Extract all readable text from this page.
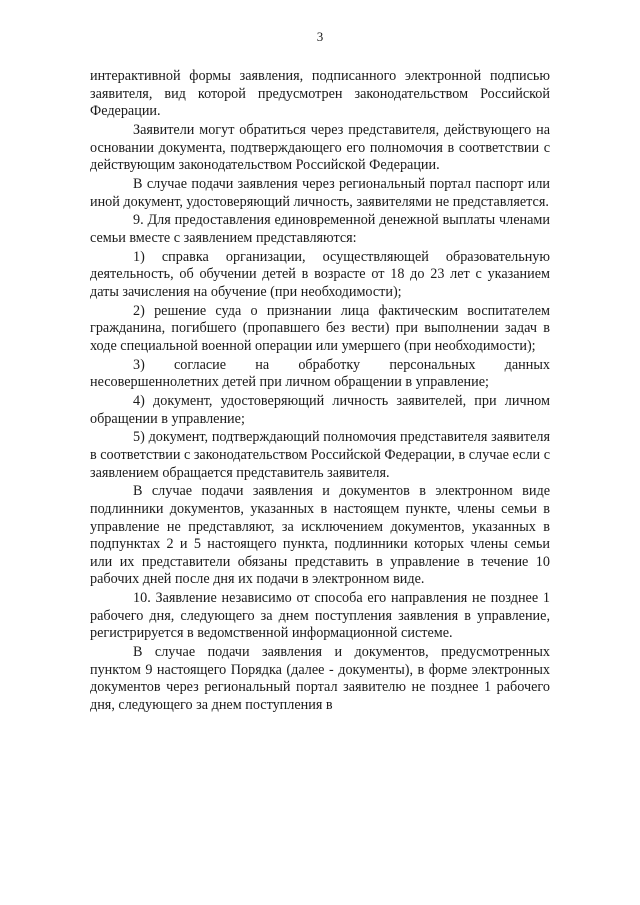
3

интерактивной формы заявления, подписанного электронной подписью заявителя, вид которой предусмотрен законодательством Российской Федерации.

Заявители могут обратиться через представителя, действующего на основании документа, подтверждающего его полномочия в соответствии с действующим законодательством Российской Федерации.

В случае подачи заявления через региональный портал паспорт или иной документ, удостоверяющий личность, заявителями не представляется.

9. Для предоставления единовременной денежной выплаты членами семьи вместе с заявлением представляются:

1) справка организации, осуществляющей образовательную деятельность, об обучении детей в возрасте от 18 до 23 лет с указанием даты зачисления на обучение (при необходимости);

2) решение суда о признании лица фактическим воспитателем гражданина, погибшего (пропавшего без вести) при выполнении задач в ходе специальной военной операции или умершего (при необходимости);

3) согласие на обработку персональных данных несовершеннолетних детей при личном обращении в управление;

4) документ, удостоверяющий личность заявителей, при личном обращении в управление;

5) документ, подтверждающий полномочия представителя заявителя в соответствии с законодательством Российской Федерации, в случае если с заявлением обращается представитель заявителя.

В случае подачи заявления и документов в электронном виде подлинники документов, указанных в настоящем пункте, члены семьи в управление не представляют, за исключением документов, указанных в подпунктах 2 и 5 настоящего пункта, подлинники которых члены семьи или их представители обязаны представить в управление в течение 10 рабочих дней после дня их подачи в электронном виде.

10. Заявление независимо от способа его направления не позднее 1 рабочего дня, следующего за днем поступления заявления в управление, регистрируется в ведомственной информационной системе.

В случае подачи заявления и документов, предусмотренных пунктом 9 настоящего Порядка (далее - документы), в форме электронных документов через региональный портал заявителю не позднее 1 рабочего дня, следующего за днем поступления в
